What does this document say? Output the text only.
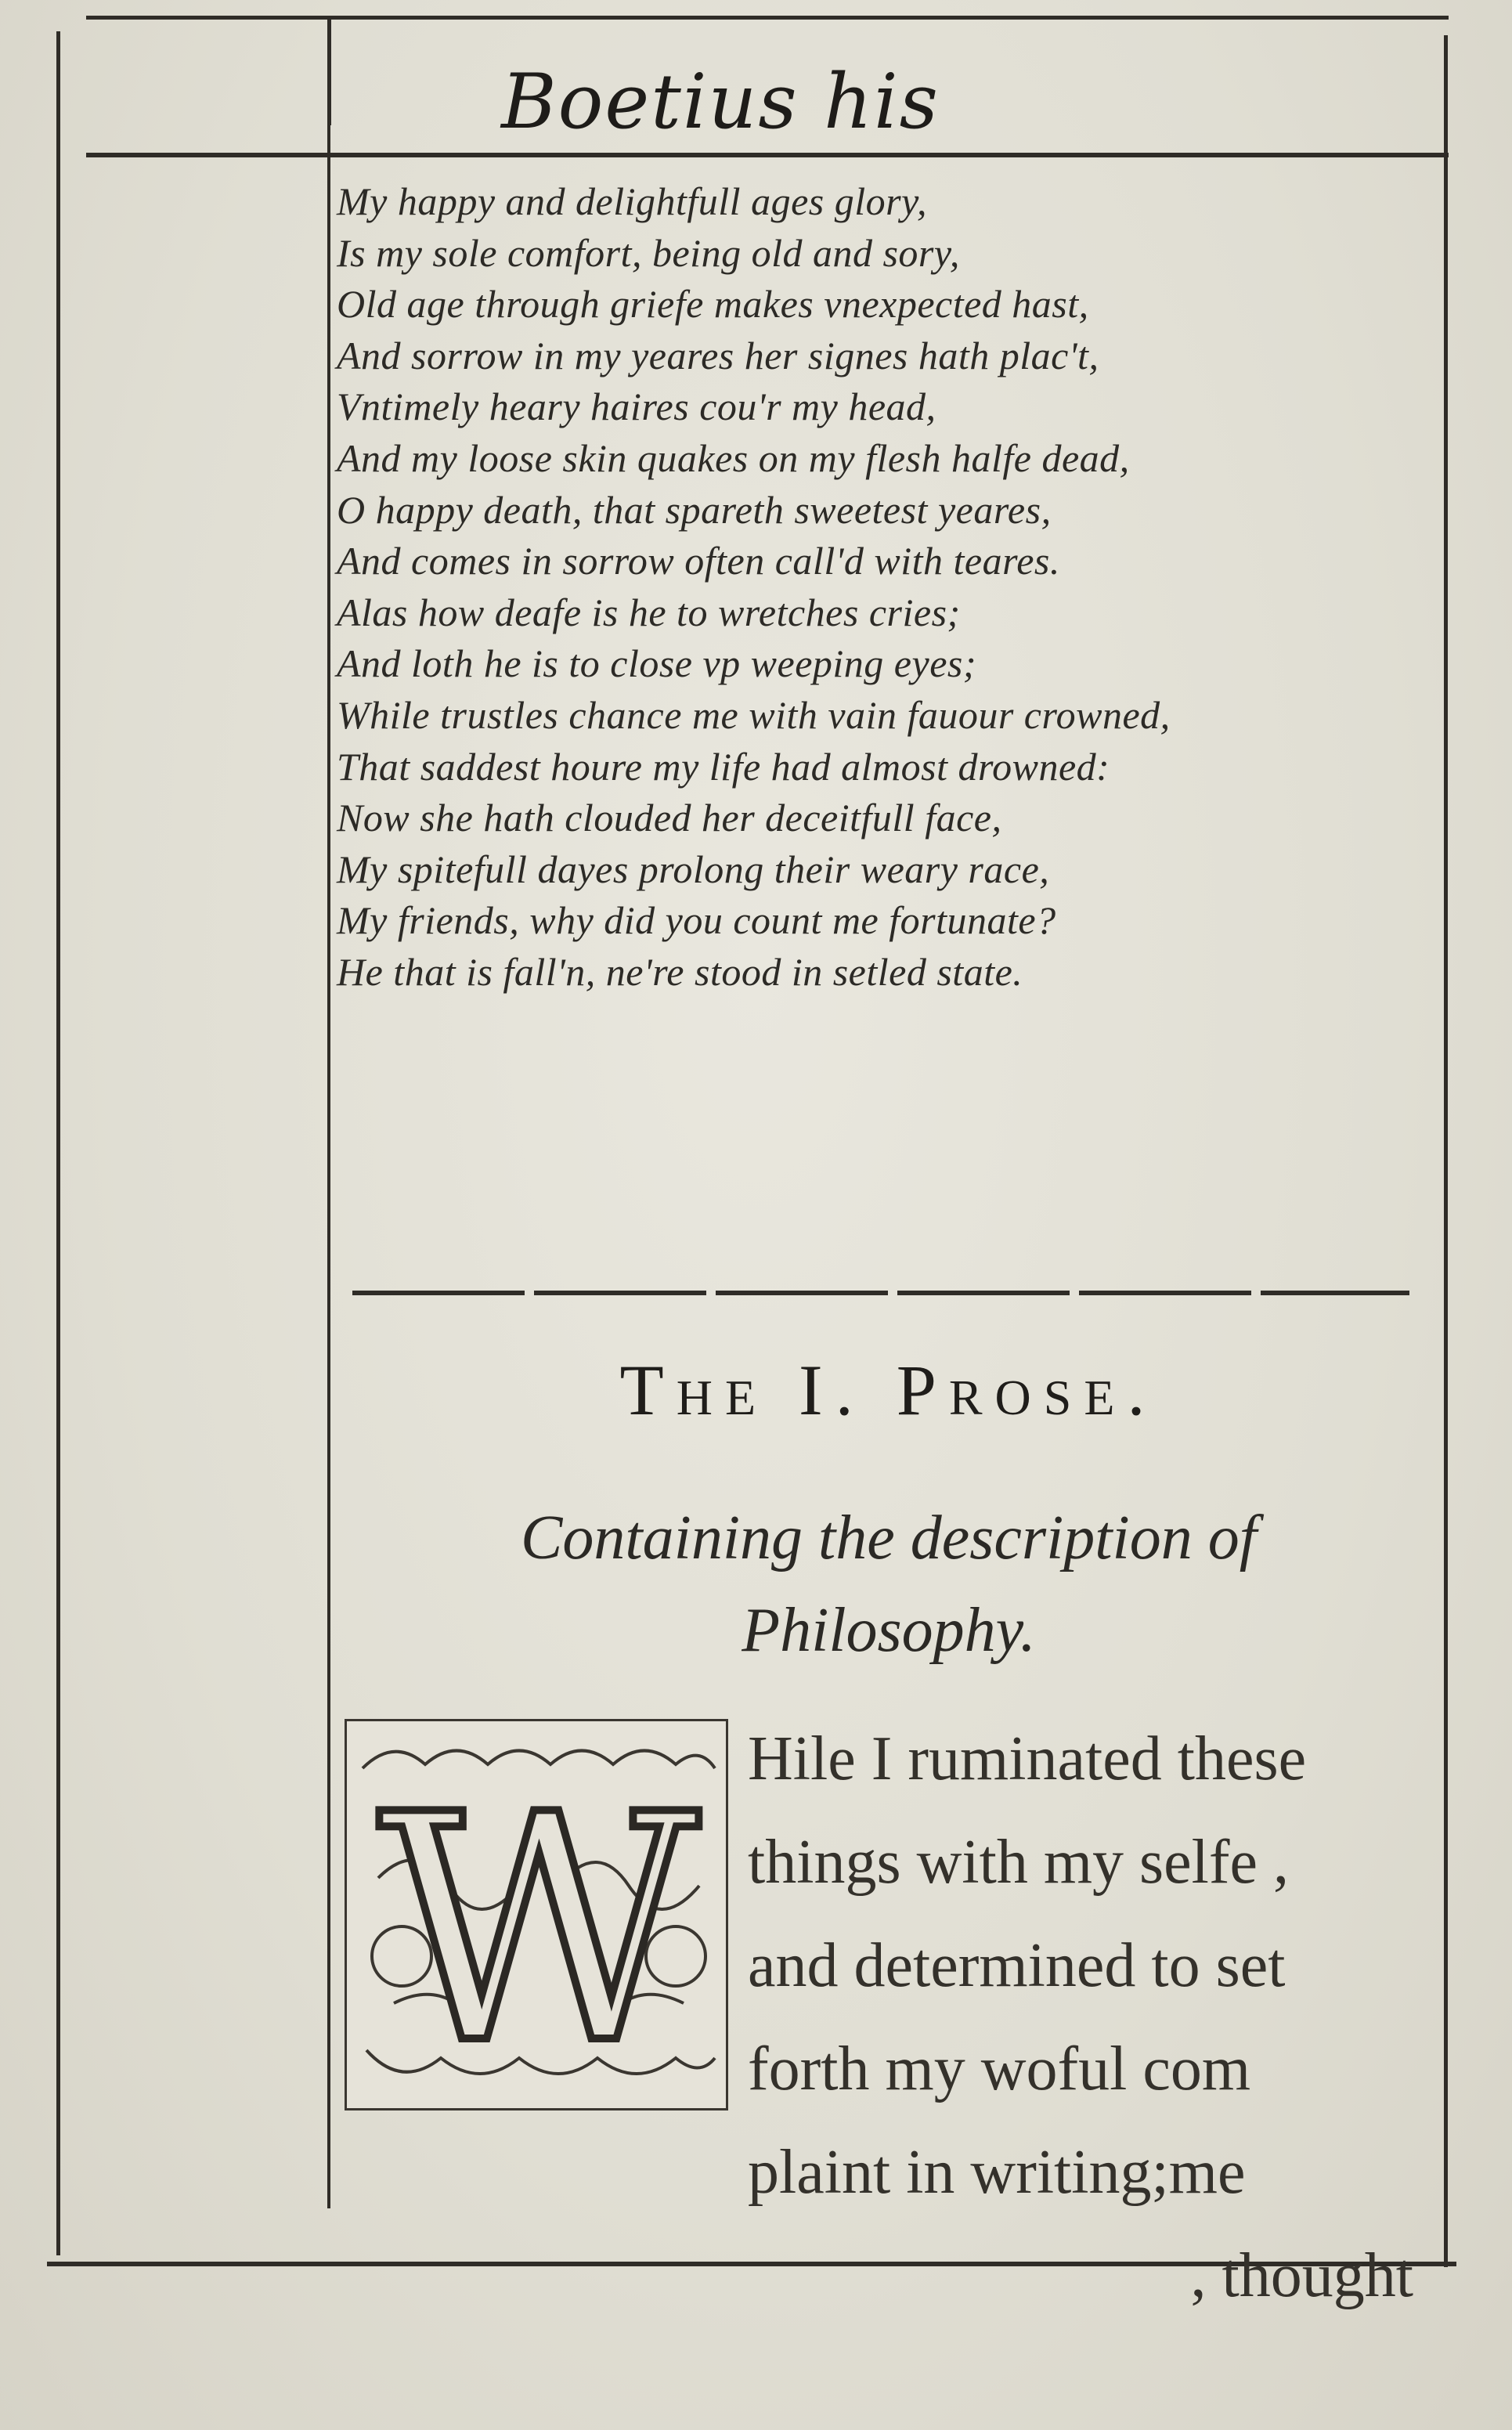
Boetius his
My happy and delightfull ages glory,
Is my sole comfort, being old and sory,
Old age through griefe makes vnexpected hast,
And sorrow in my yeares her signes hath plac't,
Vntimely heary haires cou'r my head,
And my loose skin quakes on my flesh halfe dead,
O happy death, that spareth sweetest yeares,
And comes in sorrow often call'd with teares.
Alas how deafe is he to wretches cries;
And loth he is to close vp weeping eyes;
While trustles chance me with vain fauour crowned,
That saddest houre my life had almost drowned:
Now she hath clouded her deceitfull face,
My spitefull dayes prolong their weary race,
My friends, why did you count me fortunate?
He that is fall'n, ne're stood in setled state.
The I. Prose.
Containing the description of
Philosophy.
W Hile I ruminated these
things with my selfe ,
and determined to set
forth my woful com
plaint in writing;me
, thought
